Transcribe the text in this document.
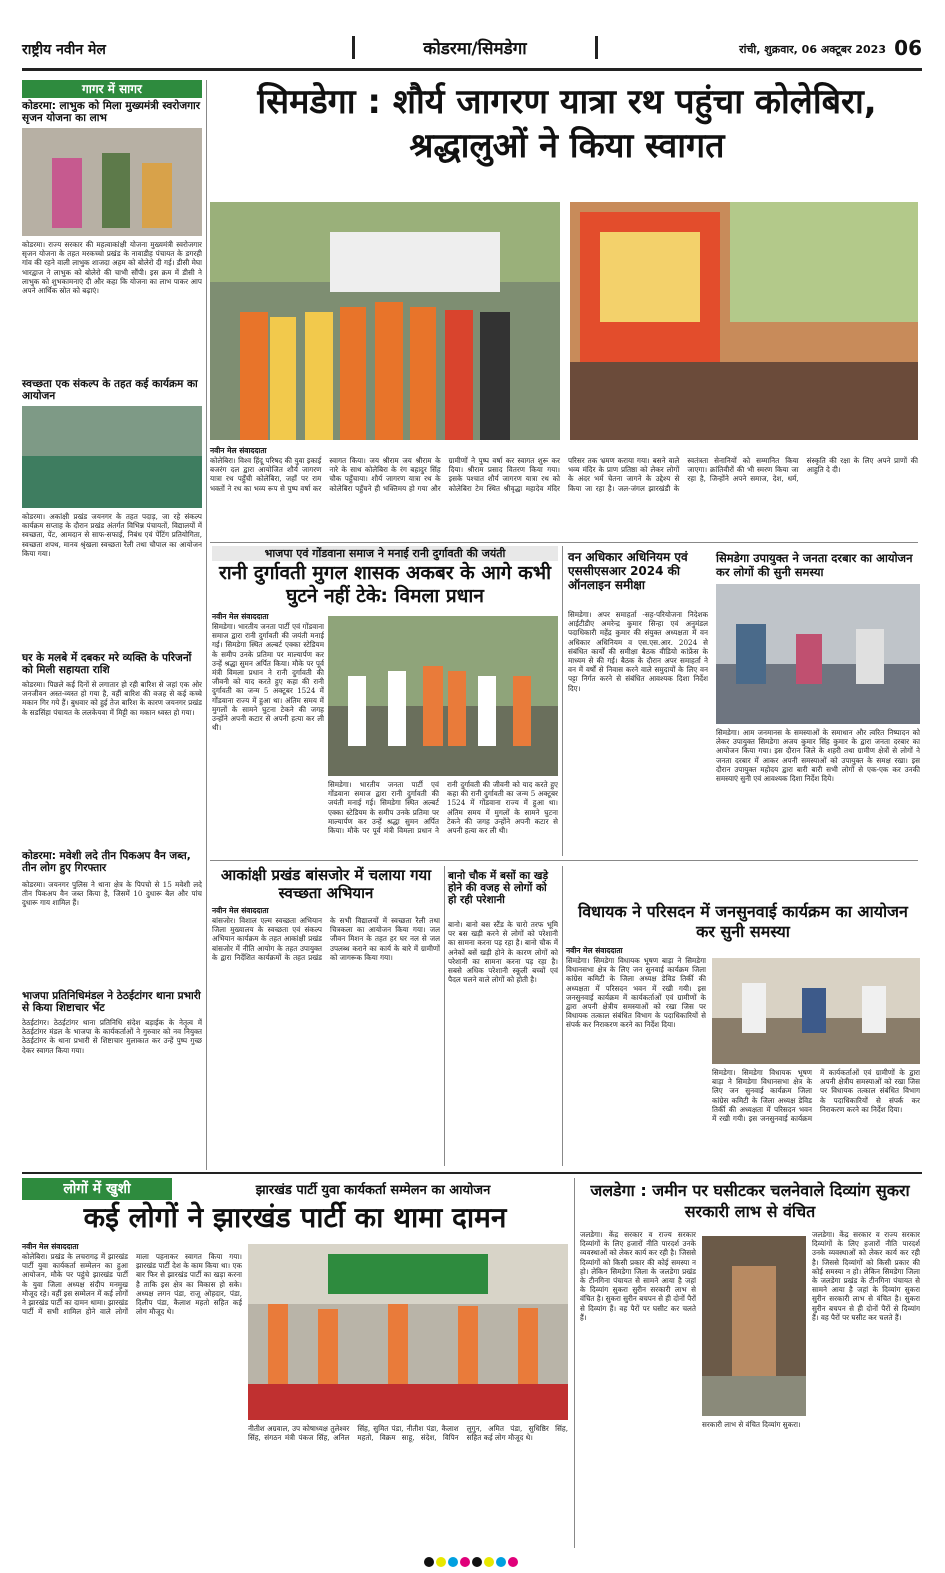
राष्ट्रीय नवीन मेल	कोडरमा/सिमडेगा	रांची, शुक्रवार, 06 अक्टूबर 2023 06
गागर में सागर
कोडरमा: लाभुक को मिला मुख्यमंत्री स्वरोजगार सृजन योजना का लाभ
कोडरमा। राज्य सरकार की महत्वाकांक्षी योजना मुख्यमंत्री स्वरोजगार सृजन योजना के तहत मरकच्चो प्रखंड के नावाडीह पंचायत के डगरही गांव की रहने वाली लाभुक शाजदा अहम को बोलेरो दी गई। डीसी मेघा भारद्वाज ने लाभुक को बोलेरो की चाभी सौंपी। इस क्रम में डीसी ने लाभुक को शुभकामनाएं दी और कहा कि योजना का लाभ पाकर आप अपने आर्थिक स्रोत को बढ़ाएं।
स्वच्छता एक संकल्प के तहत कई कार्यक्रम का आयोजन
कोडरमा। अकांक्षी प्रखंड जयनगर के तहत पदाड़, जा रहे संकल्प कार्यक्रम सप्ताह के दौरान प्रखंड अंतर्गत विभिन्न पंचायतों, विद्यालयों में स्वच्छता, पेंट, आमदान से साफ-सफाई, निबंध एवं पेंटिंग प्रतियोगिता, स्वच्छता शपथ, मानव श्रृंखला स्वच्छता रैली तथा चौपाल का आयोजन किया गया।
घर के मलबे में दबकर मरे व्यक्ति के परिजनों को मिली सहायता राशि
कोडरमा। पिछले कई दिनों से लगातार हो रही बारिश से जहां एक ओर जनजीवन अस्त-व्यस्त हो गया है, वहीं बारिश की वजह से कई कच्चे मकान गिर गये हैं। बुधवार को हुई तेज बारिश के कारण जयनगर प्रखंड के सडसिंहा पंचायत के ललकेयवा में मिट्टी का मकान ध्वस्त हो गया।
कोडरमा: मवेशी लदे तीन पिकअप वैन जब्त, तीन लोग हुए गिरफ्तार
कोडरमा। जयनगर पुलिस ने थाना क्षेत्र के पिपचो से 15 मवेशी लदे तीन पिकअप वैन जब्त किया है, जिसमें 10 दुधारू बैल और पांच दुधारू गाय शामिल हैं।
भाजपा प्रतिनिधिमंडल ने ठेठईटांगर थाना प्रभारी से किया शिष्टाचार भेंट
ठेठईटांगर। ठेठईटांगर थाना प्रतिनिधि संदेश बड़ाईक के नेतृत्व में ठेठईटांगर मंडल के भाजपा के कार्यकर्ताओं ने गुरुवार को नव नियुक्त ठेठईटांगर के थाना प्रभारी से शिष्टाचार मुलाकात कर उन्हें पुष्प गुच्छ देकर स्वागत किया गया।
सिमडेगा : शौर्य जागरण यात्रा रथ पहुंचा कोलेबिरा, श्रद्धालुओं ने किया स्वागत
नवीन मेल संवाददाता
कोलेबिरा। विश्व हिंदू परिषद की युवा इकाई बजरंग दल द्वारा आयोजित शौर्य जागरण यात्रा रथ पहुँची कोलेबिरा, जहाँ पर राम भक्तों ने रथ का भव्य रूप से पुष्प वर्षा कर स्वागत किया। जय श्रीराम जय श्रीराम के नारे के साथ कोलेबिरा के रंग बहादुर सिंह चौक पहुँचाया। शौर्य जागरण यात्रा रथ के कोलेबिरा पहुँचने ही भक्तिमय हो गया और ग्रामीणों ने पुष्प वर्षा कर स्वागत शुरू कर दिया। श्रीराम प्रसाद वितरण किया गया। इसके पश्चात शौर्य जागरण यात्रा रथ को कोलेबिरा टेम स्थित श्रीवृद्धा महादेव मंदिर परिसर तक भ्रमण कराया गया। बसने वाले भव्य मंदिर के प्राण प्रतिष्ठा को लेकर लोगों के अंदर भर्म चेतना जागने के उद्देश्य से किया जा रहा है। जल-जंगल झारखंडी के स्वतंत्रता सेनानियों को सम्मानित किया जाएगा। क्रांतिवीरों की भी स्मरण किया जा रहा है, जिन्होंने अपने समाज, देश, धर्म, संस्कृति की रक्षा के लिए अपने प्राणों की आहुति दे दी।
भाजपा एवं गोंडवाना समाज ने मनाई रानी दुर्गावती की जयंती
रानी दुर्गावती मुगल शासक अकबर के आगे कभी घुटने नहीं टेके: विमला प्रधान
नवीन मेल संवाददाता
सिमडेगा। भारतीय जनता पार्टी एवं गोंडवाना समाज द्वारा रानी दुर्गावती की जयंती मनाई गई। सिमडेगा स्थित अल्बर्ट एक्का स्टेडियम के समीप उनके प्रतिमा पर माल्यार्पण कर उन्हें श्रद्धा सुमन अर्पित किया। मौके पर पूर्व मंत्री विमला प्रधान ने रानी दुर्गावती की जीवनी को याद करते हुए कहा की रानी दुर्गावती का जन्म 5 अक्टूबर 1524 में गोंडवाना राज्य में हुआ था। अंतिम समय में मुगलों के सामने घुटना टेकने की जगह उन्होंने अपनी कटार से अपनी हत्या कर ली थी।
सिमडेगा। भारतीय जनता पार्टी एवं गोंडवाना समाज द्वारा रानी दुर्गावती की जयंती मनाई गई। सिमडेगा स्थित अल्बर्ट एक्का स्टेडियम के समीप उनके प्रतिमा पर माल्यार्पण कर उन्हें श्रद्धा सुमन अर्पित किया। मौके पर पूर्व मंत्री विमला प्रधान ने रानी दुर्गावती की जीवनी को याद करते हुए कहा की रानी दुर्गावती का जन्म 5 अक्टूबर 1524 में गोंडवाना राज्य में हुआ था। अंतिम समय में मुगलों के सामने घुटना टेकने की जगह उन्होंने अपनी कटार से अपनी हत्या कर ली थी।
वन अधिकार अधिनियम एवं एससीएसआर 2024 की ऑनलाइन समीक्षा
सिमडेगा। अपर समाहर्ता -सह-परियोजना निदेशक आईटीडीए अमरेन्द्र कुमार सिन्हा एवं अनुमंडल पदाधिकारी महेंद्र कुमार की संयुक्त अध्यक्षता में वन अधिकार अधिनियम व एस.एस.आर. 2024 से संबंधित कार्यों की समीक्षा बैठक वीडियो कांफ्रेंस के माध्यम से की गई। बैठक के दौरान अपर समाहर्ता ने वन में वर्षों से निवास करने वाले समुदायों के लिए वन पट्टा निर्गत करने से संबंधित आवश्यक दिशा निर्देश दिए।
सिमडेगा उपायुक्त ने जनता दरबार का आयोजन कर लोगों की सुनी समस्या
सिमडेगा। आम जनमानस के समस्याओं के समाधान और त्वरित निष्पादन को लेकर उपायुक्त सिमडेगा अजय कुमार सिंह कुमार के द्वारा जनता दरबार का आयोजन किया गया। इस दौरान जिले के शहरी तथा ग्रामीण क्षेत्रों से लोगों ने जनता दरबार में आकर अपनी समस्याओं को उपायुक्त के समक्ष रखा। इस दौरान उपायुक्त महोदय द्वारा बारी बारी सभी लोगों से एक-एक कर उनकी समस्याएं सुनी एवं आवश्यक दिशा निर्देश दिये।
आकांक्षी प्रखंड बांसजोर में चलाया गया स्वच्छता अभियान
नवीन मेल संवाददाता
बांसजोर। विशाल एल्म स्वच्छता अभियान जिला मुख्यालय के स्वच्छता एवं संकल्प अभियान कार्यक्रम के तहत आकांक्षी प्रखंड बांसजोर में नीति आयोग के तहत उपायुक्त के द्वारा निर्देशित कार्यक्रमों के तहत प्रखंड के सभी विद्यालयों में स्वच्छता रैली तथा चित्रकला का आयोजन किया गया। जल जीवन मिशन के तहत हर घर नल से जल उपलब्ध कराने का कार्य के बारे में ग्रामीणों को जागरूक किया गया।
बानो चौक में बसों का खड़े होने की वजह से लोगों को हो रही परेशानी
बानो। बानो बस स्टैंड के चारो तरफ भूमि पर बस खड़ी करने से लोगों को परेशानी का सामना करना पड़ रहा है। बानो चौक में अनेकों बसें खड़ी होने के कारण लोगों को परेशानी का सामना करना पड़ रहा है। सबसे अधिक परेशानी स्कूली बच्चों एवं पैदल चलने वाले लोगों को होती है।
विधायक ने परिसदन में जनसुनवाई कार्यक्रम का आयोजन कर सुनी समस्या
नवीन मेल संवाददाता
सिमडेगा। सिमडेगा विधायक भूषण बाड़ा ने सिमडेगा विधानसभा क्षेत्र के लिए जन सुनवाई कार्यक्रम जिला कांग्रेस कमिटी के जिला अध्यक्ष डेविड तिर्की की अध्यक्षता में परिसदन भवन में रखी गयी। इस जनसुनवाई कार्यक्रम में कार्यकर्ताओं एवं ग्रामीणों के द्वारा अपनी क्षेत्रीय समस्याओं को रखा जिस पर विधायक तत्काल संबंधित विभाग के पदाधिकारियों से संपर्क कर निराकरण करने का निर्देश दिया।
सिमडेगा। सिमडेगा विधायक भूषण बाड़ा ने सिमडेगा विधानसभा क्षेत्र के लिए जन सुनवाई कार्यक्रम जिला कांग्रेस कमिटी के जिला अध्यक्ष डेविड तिर्की की अध्यक्षता में परिसदन भवन में रखी गयी। इस जनसुनवाई कार्यक्रम में कार्यकर्ताओं एवं ग्रामीणों के द्वारा अपनी क्षेत्रीय समस्याओं को रखा जिस पर विधायक तत्काल संबंधित विभाग के पदाधिकारियों से संपर्क कर निराकरण करने का निर्देश दिया।
लोगों में खुशी	झारखंड पार्टी युवा कार्यकर्ता सम्मेलन का आयोजन
कई लोगों ने झारखंड पार्टी का थामा दामन
नवीन मेल संवाददाता
कोलेबिरा। प्रखंड के लचरागढ़ में झारखंड पार्टी युवा कार्यकर्ता सम्मेलन का हुआ आयोजन, मौके पर पहुंचे झारखंड पार्टी के युवा जिला अध्यक्ष संदीप मनमुख मौजूद रहे। वहीं इस सम्मेलन में कई लोगों ने झारखंड पार्टी का दामन थामा। झारखंड पार्टी में सभी शामिल होने वाले लोगों माला पहनाकर स्वागत किया गया। झारखंड पार्टी देश के काम किया था। एक बार फिर से झारखंड पार्टी का खड़ा करना है ताकि इस क्षेत्र का विकास हो सके। अध्यक्ष लगन पंडा, राजू ओहदार, पंडा, दिलीप पंडा, कैलाश महतो सहित कई लोग मौजूद थे।
नीतीश अग्रवाल, उप कोषाध्यक्ष तुलेश्वर सिंह, संगठन मंत्री पंकज सिंह, अनिल सिंह, सुमित पंडा, नीतीश पंडा, कैलाश महतो, विक्रम साहू, संदेश, विपिन लुगुन, अमित पंडा, सुधिष्ठिर सिंह, सहित कई लोग मौजूद थे।
जलडेगा : जमीन पर घसीटकर चलनेवाले दिव्यांग सुकरा सरकारी लाभ से वंचित
जलडेगा। केंद्र सरकार व राज्य सरकार दिव्यांगों के लिए हजारों नीति पारदर्श उनके व्यवस्थाओं को लेकर कार्य कर रही है। जिससे दिव्यांगों को किसी प्रकार की कोई समस्या न हो। लेकिन सिमडेगा जिला के जलडेगा प्रखंड के टीनगिना पंचायत से सामने आया है जहां के दिव्यांग सुकरा सुरीन सरकारी लाभ से वंचित है। सुकरा सुरीन बचपन से ही दोनों पैरों से दिव्यांग हैं। वह पैरों पर घसीट कर चलते हैं।
सरकारी लाभ से वंचित दिव्यांग सुकरा।
जलडेगा। केंद्र सरकार व राज्य सरकार दिव्यांगों के लिए हजारों नीति पारदर्श उनके व्यवस्थाओं को लेकर कार्य कर रही है। जिससे दिव्यांगों को किसी प्रकार की कोई समस्या न हो। लेकिन सिमडेगा जिला के जलडेगा प्रखंड के टीनगिना पंचायत से सामने आया है जहां के दिव्यांग सुकरा सुरीन सरकारी लाभ से वंचित है। सुकरा सुरीन बचपन से ही दोनों पैरों से दिव्यांग हैं। वह पैरों पर घसीट कर चलते हैं।
